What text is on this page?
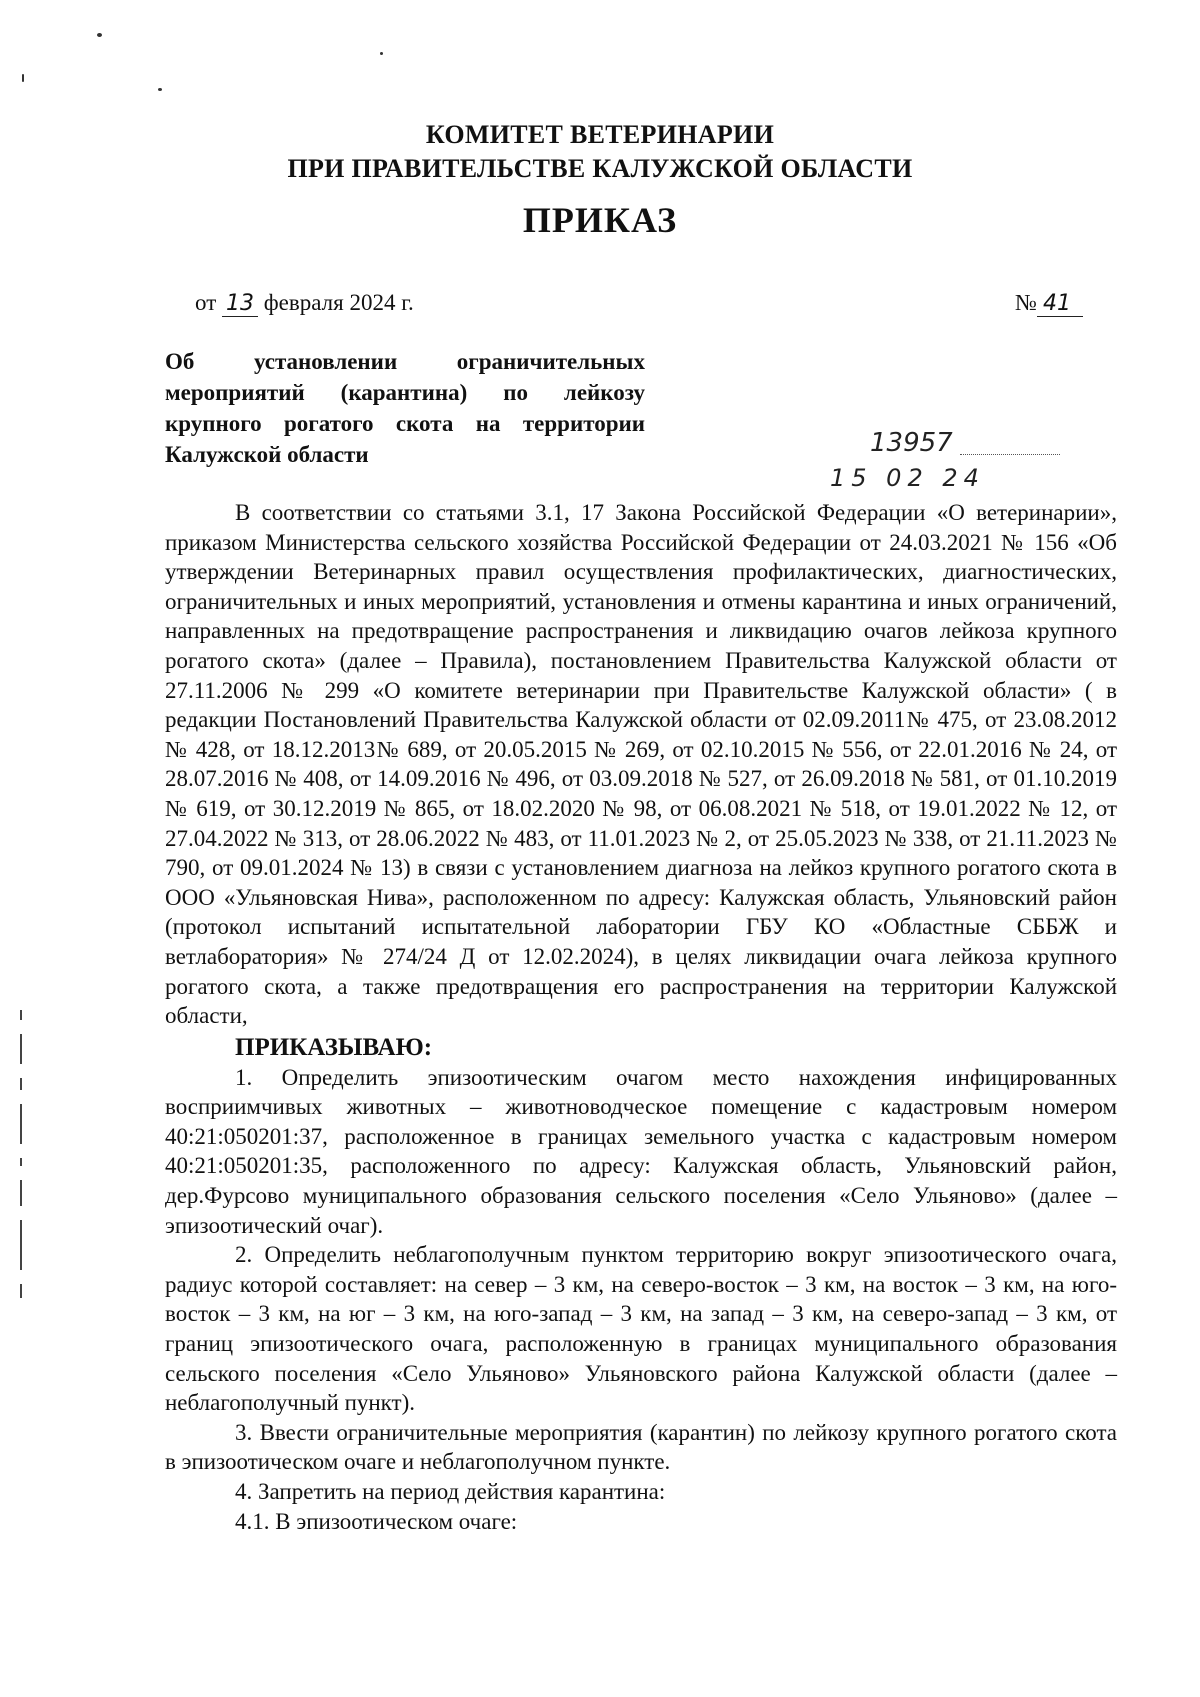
КОМИТЕТ ВЕТЕРИНАРИИ
ПРИ ПРАВИТЕЛЬСТВЕ КАЛУЖСКОЙ ОБЛАСТИ
ПРИКАЗ
от 13 февраля 2024 г.	№ 41
Об установлении ограничительных мероприятий (карантина) по лейкозу крупного рогатого скота на территории Калужской области	13957
15 02 24

В соответствии со статьями 3.1, 17 Закона Российской Федерации «О ветеринарии», приказом Министерства сельского хозяйства Российской Федерации от 24.03.2021 № 156 «Об утверждении Ветеринарных правил осуществления профилактических, диагностических, ограничительных и иных мероприятий, установления и отмены карантина и иных ограничений, направленных на предотвращение распространения и ликвидацию очагов лейкоза крупного рогатого скота» (далее – Правила), постановлением Правительства Калужской области от 27.11.2006 № 299 «О комитете ветеринарии при Правительстве Калужской области» ( в редакции Постановлений Правительства Калужской области от 02.09.2011№ 475, от 23.08.2012 № 428, от 18.12.2013№ 689, от 20.05.2015 № 269, от 02.10.2015 № 556, от 22.01.2016 № 24, от 28.07.2016 № 408, от 14.09.2016 № 496, от 03.09.2018 № 527, от 26.09.2018 № 581, от 01.10.2019 № 619, от 30.12.2019 № 865, от 18.02.2020 № 98, от 06.08.2021 № 518, от 19.01.2022 № 12, от 27.04.2022 № 313, от 28.06.2022 № 483, от 11.01.2023 № 2, от 25.05.2023 № 338, от 21.11.2023 № 790, от 09.01.2024 № 13) в связи с установлением диагноза на лейкоз крупного рогатого скота в ООО «Ульяновская Нива», расположенном по адресу: Калужская область, Ульяновский район (протокол испытаний испытательной лаборатории ГБУ КО «Областные СББЖ и ветлаборатория» № 274/24 Д от 12.02.2024), в целях ликвидации очага лейкоза крупного рогатого скота, а также предотвращения его распространения на территории Калужской области,

ПРИКАЗЫВАЮ:

1. Определить эпизоотическим очагом место нахождения инфицированных восприимчивых животных – животноводческое помещение с кадастровым номером 40:21:050201:37, расположенное в границах земельного участка с кадастровым номером 40:21:050201:35, расположенного по адресу: Калужская область, Ульяновский район, дер.Фурсово муниципального образования сельского поселения «Село Ульяново» (далее – эпизоотический очаг).

2. Определить неблагополучным пунктом территорию вокруг эпизоотического очага, радиус которой составляет: на север – 3 км, на северо-восток – 3 км, на восток – 3 км, на юго-восток – 3 км, на юг – 3 км, на юго-запад – 3 км, на запад – 3 км, на северо-запад – 3 км, от границ эпизоотического очага, расположенную в границах муниципального образования сельского поселения «Село Ульяново» Ульяновского района Калужской области (далее – неблагополучный пункт).

3. Ввести ограничительные мероприятия (карантин) по лейкозу крупного рогатого скота в эпизоотическом очаге и неблагополучном пункте.

4. Запретить на период действия карантина:

4.1. В эпизоотическом очаге:
